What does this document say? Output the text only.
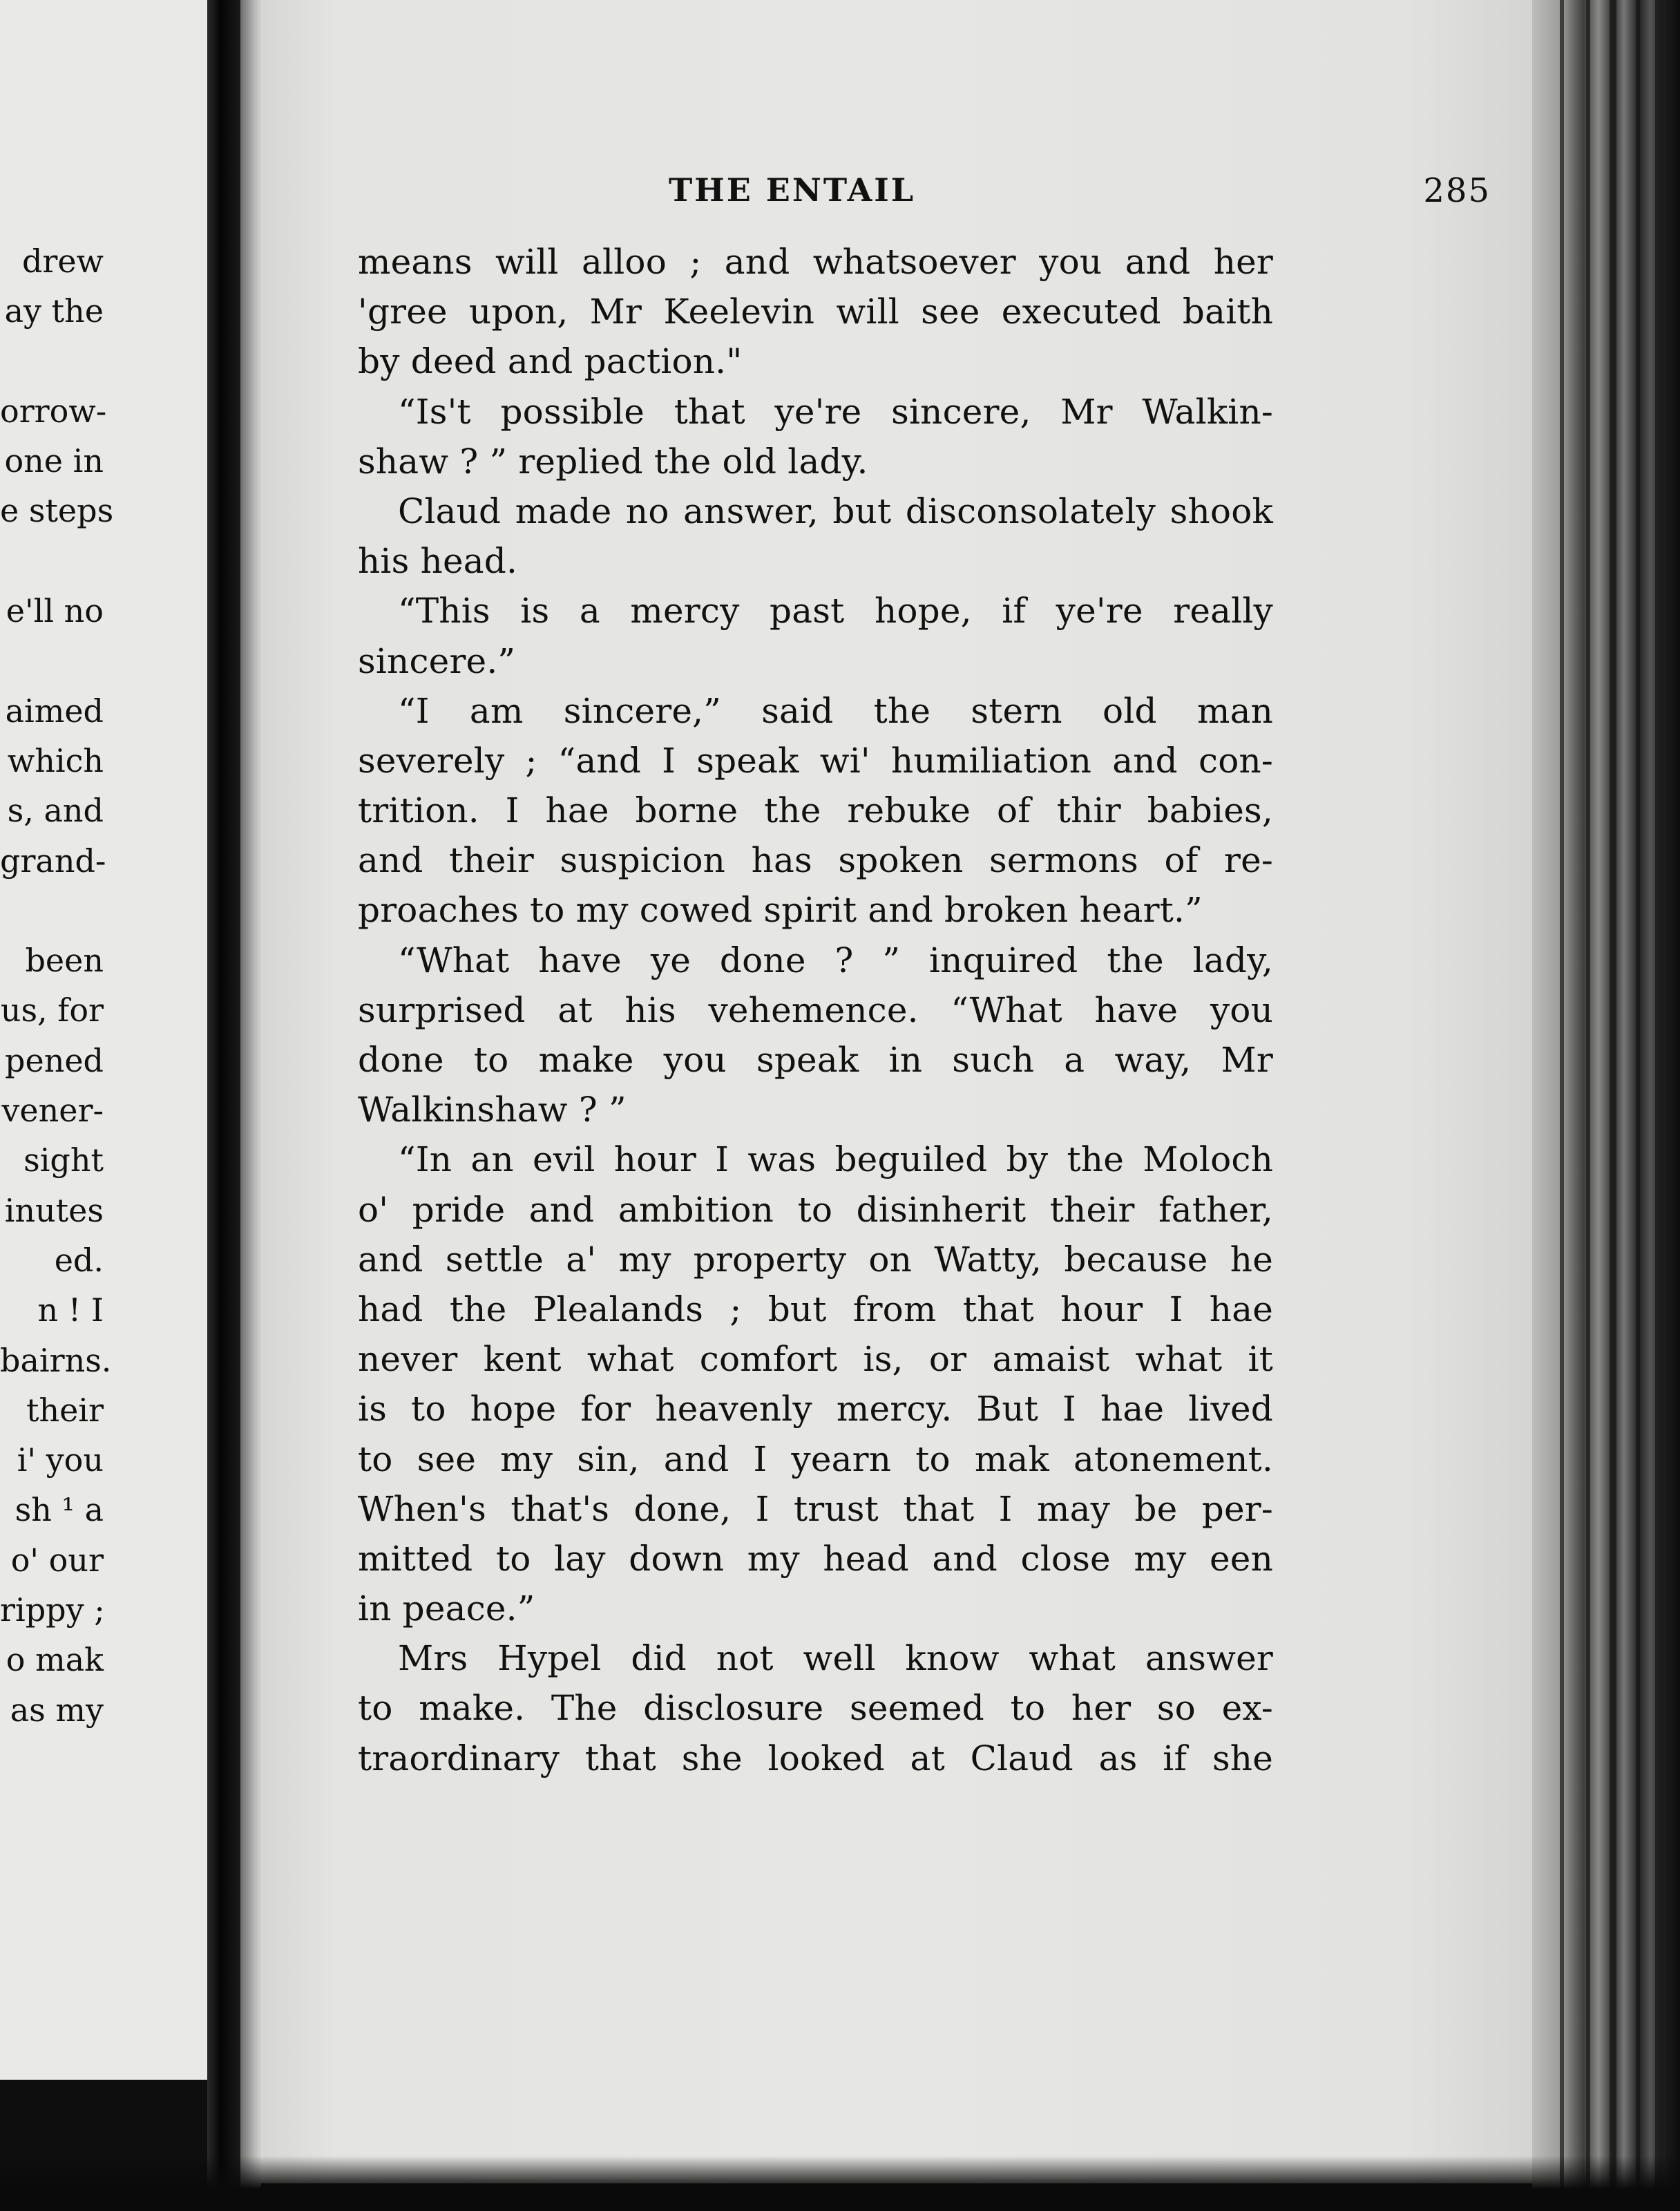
drew
ay the
orrow-
one in
e steps
e'll no
aimed
which
s, and
grand-
been
us, for
pened
vener-
sight
inutes
ed.
n ! I
bairns.
their
i' you
sh ¹ a
o' our
rippy ;
o mak
as my
THE ENTAIL	285
means will alloo ; and whatsoever you and her
'gree upon, Mr Keelevin will see executed baith
by deed and paction."
“Is't possible that ye're sincere, Mr Walkin-
shaw ? ” replied the old lady.
Claud made no answer, but disconsolately shook
his head.
“This is a mercy past hope, if ye're really
sincere.”
“I am sincere,” said the stern old man
severely ; “and I speak wi' humiliation and con-
trition. I hae borne the rebuke of thir babies,
and their suspicion has spoken sermons of re-
proaches to my cowed spirit and broken heart.”
“What have ye done ? ” inquired the lady,
surprised at his vehemence. “What have you
done to make you speak in such a way, Mr
Walkinshaw ? ”
“In an evil hour I was beguiled by the Moloch
o' pride and ambition to disinherit their father,
and settle a' my property on Watty, because he
had the Plealands ; but from that hour I hae
never kent what comfort is, or amaist what it
is to hope for heavenly mercy. But I hae lived
to see my sin, and I yearn to mak atonement.
When's that's done, I trust that I may be per-
mitted to lay down my head and close my een
in peace.”
Mrs Hypel did not well know what answer
to make. The disclosure seemed to her so ex-
traordinary that she looked at Claud as if she
